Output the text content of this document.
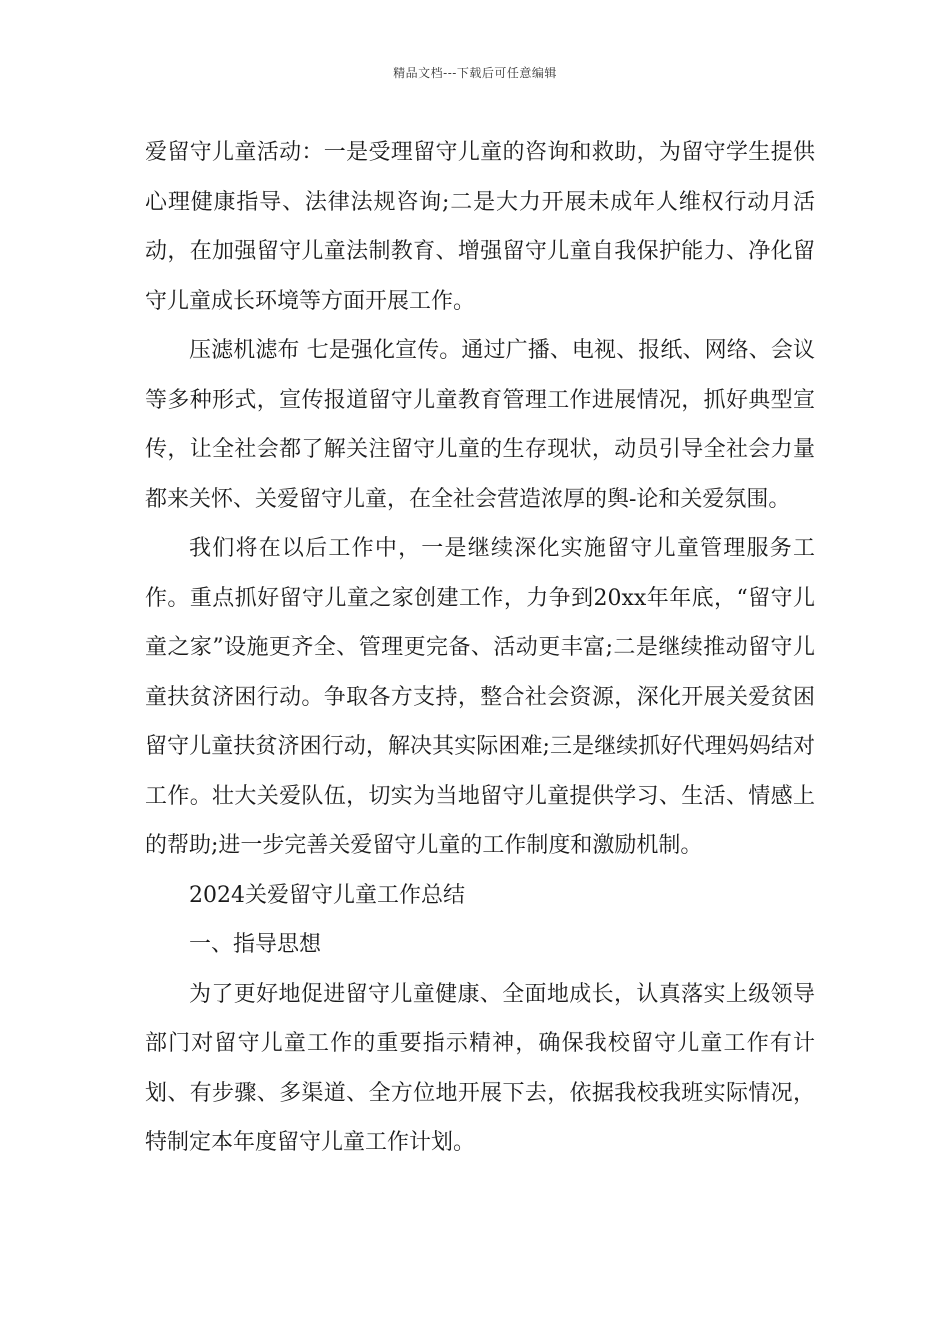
精品文档---下载后可任意编辑

爱留守儿童活动：一是受理留守儿童的咨询和救助，为留守学生提供心理健康指导、法律法规咨询;二是大力开展未成年人维权行动月活动，在加强留守儿童法制教育、增强留守儿童自我保护能力、净化留守儿童成长环境等方面开展工作。

压滤机滤布 七是强化宣传。通过广播、电视、报纸、网络、会议等多种形式，宣传报道留守儿童教育管理工作进展情况，抓好典型宣传，让全社会都了解关注留守儿童的生存现状，动员引导全社会力量都来关怀、关爱留守儿童，在全社会营造浓厚的舆-论和关爱氛围。

我们将在以后工作中，一是继续深化实施留守儿童管理服务工作。重点抓好留守儿童之家创建工作，力争到20xx年年底，“留守儿童之家”设施更齐全、管理更完备、活动更丰富;二是继续推动留守儿童扶贫济困行动。争取各方支持，整合社会资源，深化开展关爱贫困留守儿童扶贫济困行动，解决其实际困难;三是继续抓好代理妈妈结对工作。壮大关爱队伍，切实为当地留守儿童提供学习、生活、情感上的帮助;进一步完善关爱留守儿童的工作制度和激励机制。

2024关爱留守儿童工作总结

一、指导思想

为了更好地促进留守儿童健康、全面地成长，认真落实上级领导部门对留守儿童工作的重要指示精神，确保我校留守儿童工作有计划、有步骤、多渠道、全方位地开展下去，依据我校我班实际情况，特制定本年度留守儿童工作计划。
